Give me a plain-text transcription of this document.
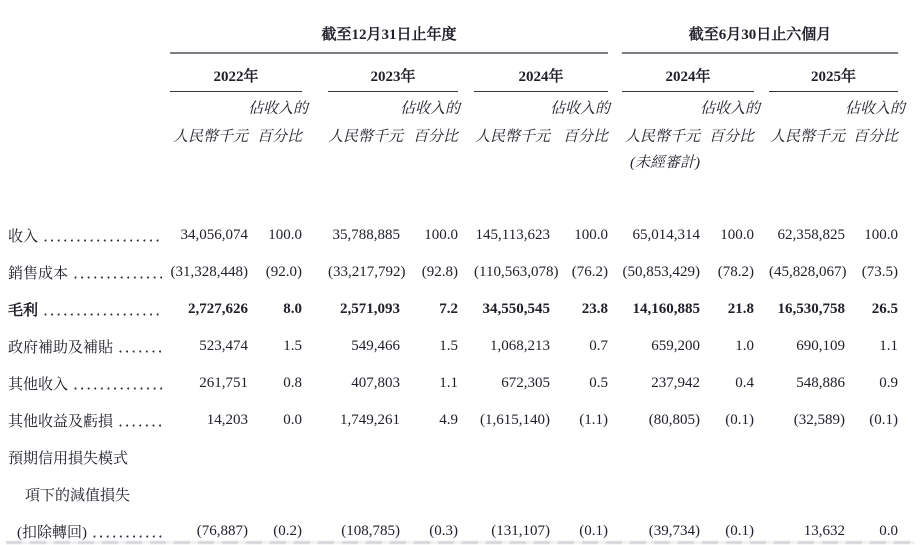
	截至12月31日止年度									截至6月30日止六個月					
	2022年			2023年			2024年			2024年			2025年		
		佔收入的			佔收入的			佔收入的			佔收入的			佔收入的	
	人民幣千元	百分比		人民幣千元	百分比		人民幣千元	百分比		人民幣千元	百分比		人民幣千元	百分比	
										(未經審計)					

收入	34,056,074	100.0		35,788,885	100.0		145,113,623	100.0		65,014,314	100.0		62,358,825	100.0	

銷售成本	(31,328,448)	(92.0)		(33,217,792)	(92.8)		(110,563,078)	(76.2)		(50,853,429)	(78.2)		(45,828,067)	(73.5)	

毛利	2,727,626	8.0		2,571,093	7.2		34,550,545	23.8		14,160,885	21.8		16,530,758	26.5	

政府補助及補貼	523,474	1.5		549,466	1.5		1,068,213	0.7		659,200	1.0		690,109	1.1	

其他收入	261,751	0.8		407,803	1.1		672,305	0.5		237,942	0.4		548,886	0.9	

其他收益及虧損	14,203	0.0		1,749,261	4.9		(1,615,140)	(1.1)		(80,805)	(0.1)		(32,589)	(0.1)	

預期信用損失模式															

項下的減值損失															

(扣除轉回)	(76,887)	(0.2)		(108,785)	(0.3)		(131,107)	(0.1)		(39,734)	(0.1)		13,632	0.0	
